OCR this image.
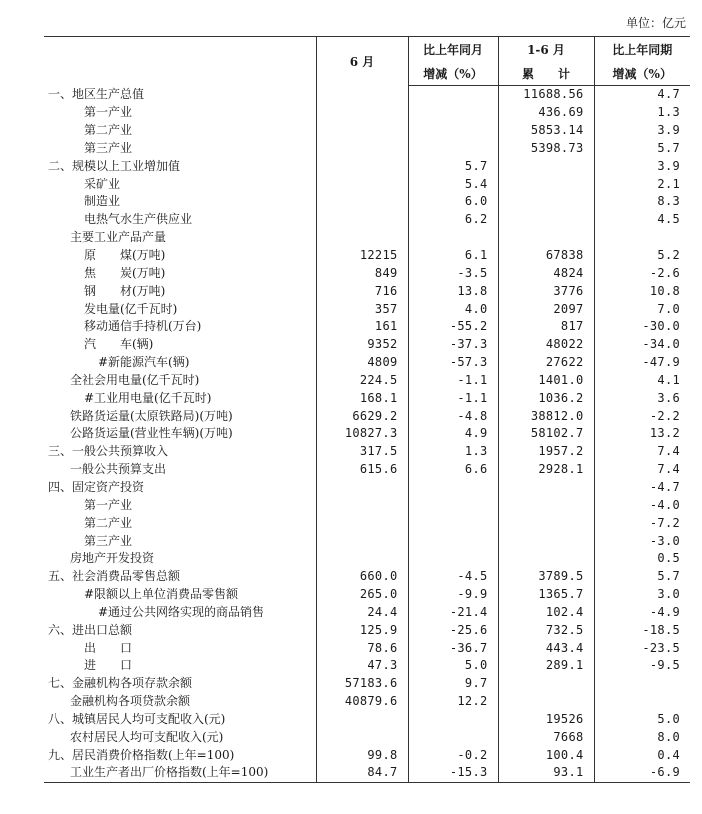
单位：亿元
	6 月	比上年同月	1-6 月	比上年同期
		增减（%）	累　　计	增减（%）
一、地区生产总值			11688.56	4.7
第一产业			436.69	1.3
第二产业			5853.14	3.9
第三产业			5398.73	5.7
二、规模以上工业增加值		5.7		3.9
采矿业		5.4		2.1
制造业		6.0		8.3
电热气水生产供应业		6.2		4.5
主要工业产品产量				
原　　煤(万吨)	12215	6.1	67838	5.2
焦　　炭(万吨)	849	-3.5	4824	-2.6
钢　　材(万吨)	716	13.8	3776	10.8
发电量(亿千瓦时)	357	4.0	2097	7.0
移动通信手持机(万台)	161	-55.2	817	-30.0
汽　　车(辆)	9352	-37.3	48022	-34.0
#新能源汽车(辆)	4809	-57.3	27622	-47.9
全社会用电量(亿千瓦时)	224.5	-1.1	1401.0	4.1
#工业用电量(亿千瓦时)	168.1	-1.1	1036.2	3.6
铁路货运量(太原铁路局)(万吨)	6629.2	-4.8	38812.0	-2.2
公路货运量(营业性车辆)(万吨)	10827.3	4.9	58102.7	13.2
三、一般公共预算收入	317.5	1.3	1957.2	7.4
一般公共预算支出	615.6	6.6	2928.1	7.4
四、固定资产投资				-4.7
第一产业				-4.0
第二产业				-7.2
第三产业				-3.0
房地产开发投资				0.5
五、社会消费品零售总额	660.0	-4.5	3789.5	5.7
#限额以上单位消费品零售额	265.0	-9.9	1365.7	3.0
#通过公共网络实现的商品销售	24.4	-21.4	102.4	-4.9
六、进出口总额	125.9	-25.6	732.5	-18.5
出　　口	78.6	-36.7	443.4	-23.5
进　　口	47.3	5.0	289.1	-9.5
七、金融机构各项存款余额	57183.6	9.7		
金融机构各项贷款余额	40879.6	12.2		
八、城镇居民人均可支配收入(元)			19526	5.0
农村居民人均可支配收入(元)			7668	8.0
九、居民消费价格指数(上年=100)	99.8	-0.2	100.4	0.4
工业生产者出厂价格指数(上年=100)	84.7	-15.3	93.1	-6.9
